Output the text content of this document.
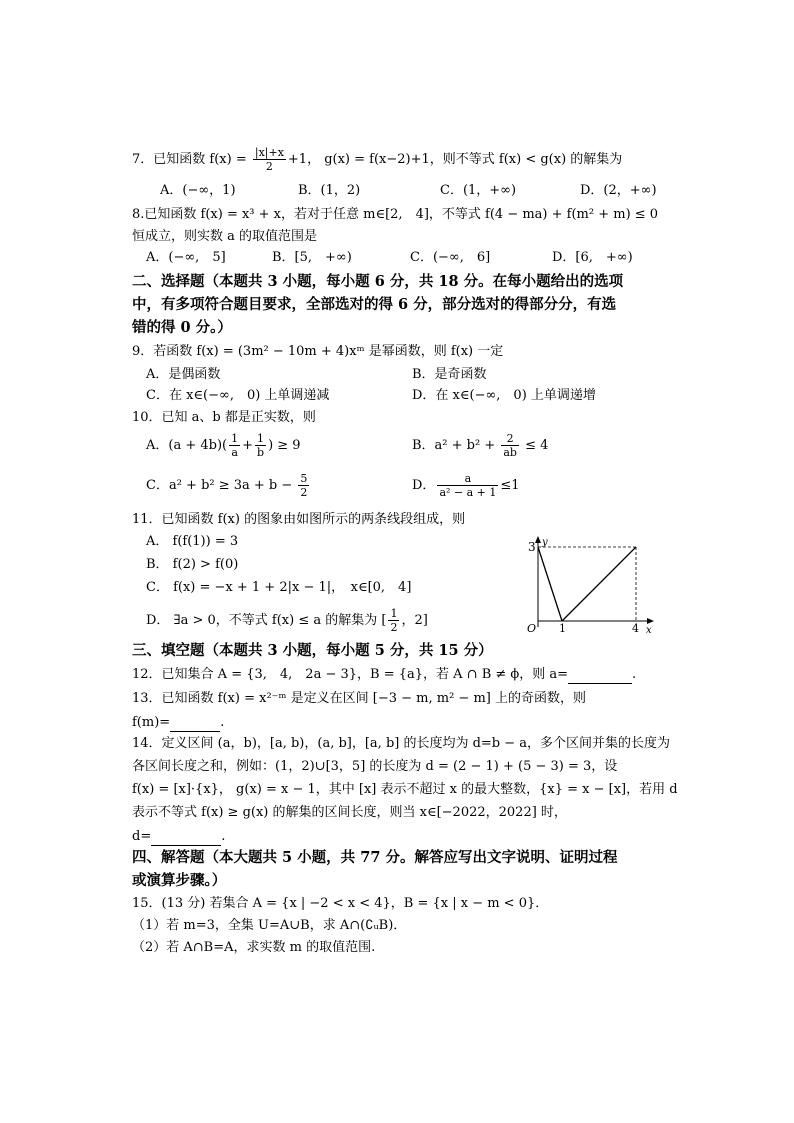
7．已知函数 $f(x) = \frac{|x|+x}{2} +1$， g(x) = f(x−2)+1，则不等式 f(x) < g(x) 的解集为
A．(−∞，1)	B．(1，2)	C．(1，+∞)	D．(2，+∞)
8.已知函数 f(x) = x³ + x，若对于任意 m∈[2,　4]，不等式 f(4 − ma) + f(m² + m) ≤ 0
恒成立，则实数 a 的取值范围是
A．(−∞,　5]	B．[5,　+∞)	C．(−∞,　6]	D．[6,　+∞)
二、选择题（本题共 3 小题，每小题 6 分，共 18 分。在每小题给出的选项
中，有多项符合题目要求，全部选对的得 6 分，部分选对的得部分分，有选
错的得 0 分。）
9．若函数 f(x) = (3m² − 10m + 4)xᵐ 是幂函数，则 f(x) 一定
A．是偶函数	B．是奇函数
C．在 x∈(−∞,　0) 上单调递减	D．在 x∈(−∞,　0) 上单调递增
10．已知 a、b 都是正实数，则
A．$(a + 4b)( \frac{1}{a} + \frac{1}{b}$ ) ≥ 9	B．$a^2 + b^2 + \frac{2}{ab} \le 4$
C．$a^2 + b^2 \ge 3a + b - \frac{5}{2}$	D． $\frac{a}{\text{a² − a + 1}} \le 1$
11．已知函数 f(x) 的图象由如图所示的两条线段组成，则
A． f(f(1)) = 3
B． f(2) > f(0)
C． f(x) = −x + 1 + 2|x − 1|，　x∈[0,　4]
D． ∃a > 0，不等式 f(x) ≤ a 的解集为 [ $\frac{1}{2}$ ，2]
y
3
O 1	4 x
三、填空题（本题共 3 小题，每小题 5 分，共 15 分）
12．已知集合 A = {3,　4,　2a − 3}，B = {a}，若 A ∩ B ≠ ϕ，则 a=	.
13．已知函数 f(x) = x²⁻ᵐ 是定义在区间 [−3 − m, m² − m] 上的奇函数，则
f(m)=	.
14．定义区间 (a，b)，[a, b)，(a, b]，[a, b] 的长度均为 d=b − a，多个区间并集的长度为
各区间长度之和，例如：(1，2)∪[3，5] 的长度为 d = (2 − 1) + (5 − 3) = 3，设
f(x) = [x]·{x}， g(x) = x − 1，其中 [x] 表示不超过 x 的最大整数，{x} = x − [x]，若用 d
表示不等式 f(x) ≥ g(x) 的解集的区间长度，则当 x∈[−2022，2022] 时，
d=	.
四、解答题（本大题共 5 小题，共 77 分。解答应写出文字说明、证明过程
或演算步骤。）
15．(13 分) 若集合 A = {x | −2 < x < 4}，B = {x | x − m < 0}．
（1）若 m=3，全集 U=A∪B，求 A∩(∁ᵤB)．
（2）若 A∩B=A，求实数 m 的取值范围.
